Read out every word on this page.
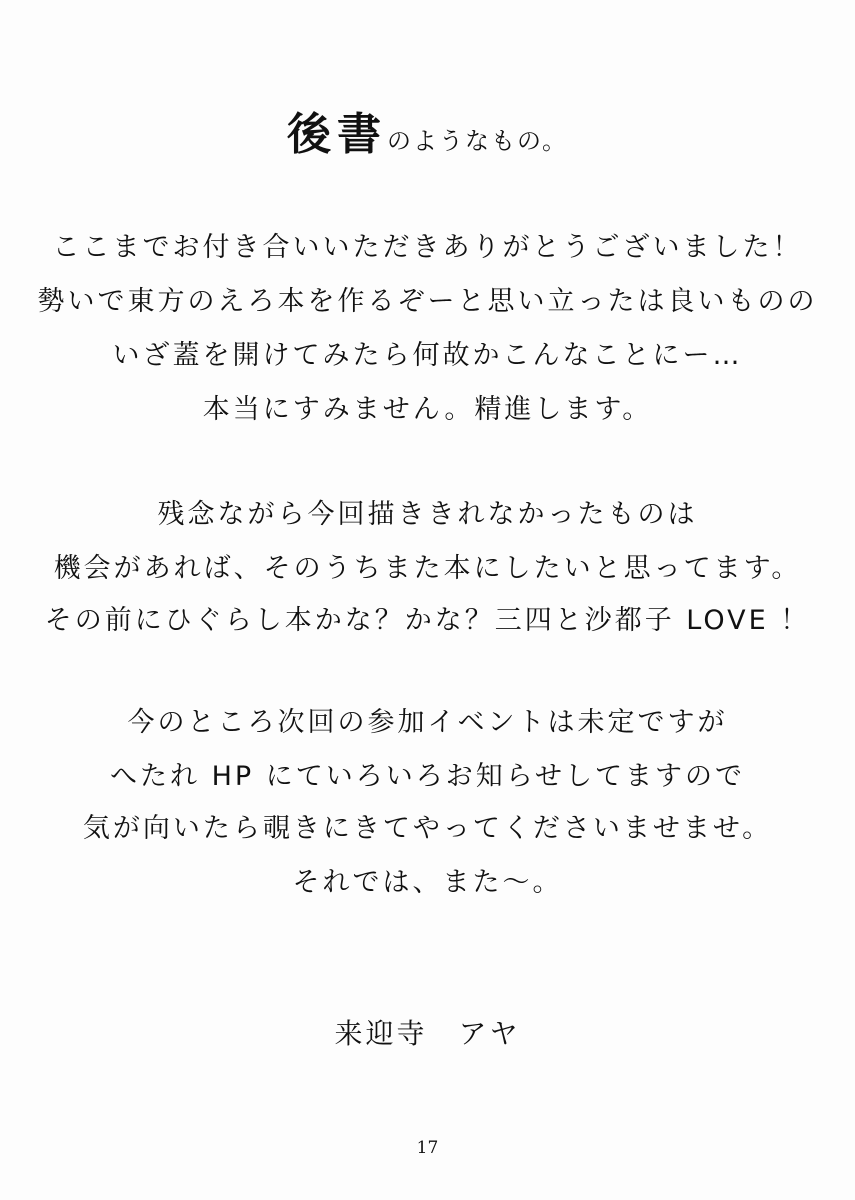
後書のようなもの。
ここまでお付き合いいただきありがとうございました！
勢いで東方のえろ本を作るぞーと思い立ったは良いものの
いざ蓋を開けてみたら何故かこんなことにー…
本当にすみません。精進します。
残念ながら今回描ききれなかったものは
機会があれば、そのうちまた本にしたいと思ってます。
その前にひぐらし本かな？かな？三四と沙都子 LOVE ！
今のところ次回の参加イベントは未定ですが
へたれ HP にていろいろお知らせしてますので
気が向いたら覗きにきてやってくださいませませ。
それでは、また～。
来迎寺　アヤ
17
